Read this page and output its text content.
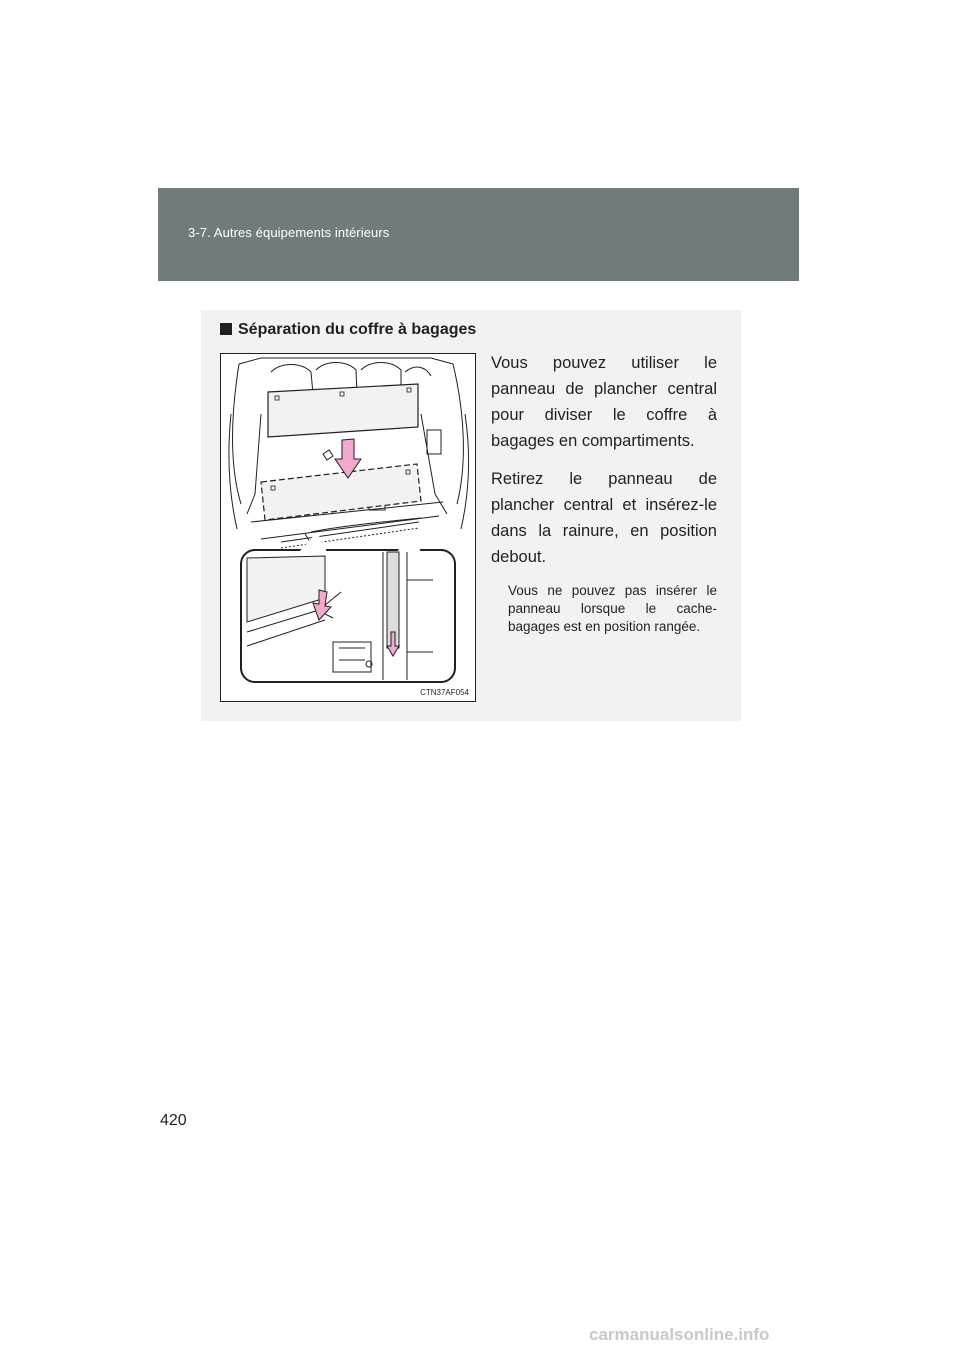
3-7. Autres équipements intérieurs
420
Séparation du coffre à bagages
CTN37AF054

Vous pouvez utiliser le panneau de plancher central pour diviser le coffre à bagages en compartiments.

Retirez le panneau de plancher central et insérez-le dans la rainure, en position debout.

Vous ne pouvez pas insérer le panneau lorsque le cache-bagages est en position rangée.

carmanualsonline.info
